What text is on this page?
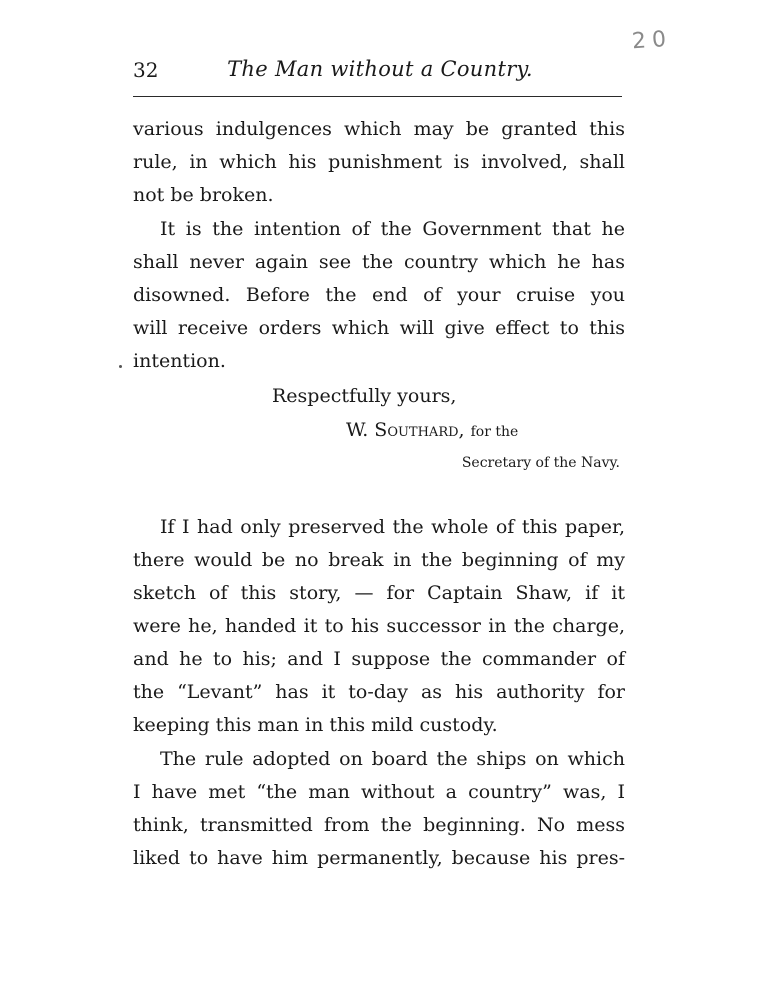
32	The Man without a Country.
20

various indulgences which may be granted this

rule, in which his punishment is involved, shall

not be broken.

It is the intention of the Government that he

shall never again see the country which he has

disowned. Before the end of your cruise you

will receive orders which will give effect to this

intention.

Respectfully yours,
W. Southard, for the
Secretary of the Navy.

If I had only preserved the whole of this paper,

there would be no break in the beginning of my

sketch of this story, — for Captain Shaw, if it

were he, handed it to his successor in the charge,

and he to his; and I suppose the commander of

the “Levant” has it to-day as his authority for

keeping this man in this mild custody.

The rule adopted on board the ships on which

I have met “the man without a country” was, I

think, transmitted from the beginning. No mess

liked to have him permanently, because his pres-
